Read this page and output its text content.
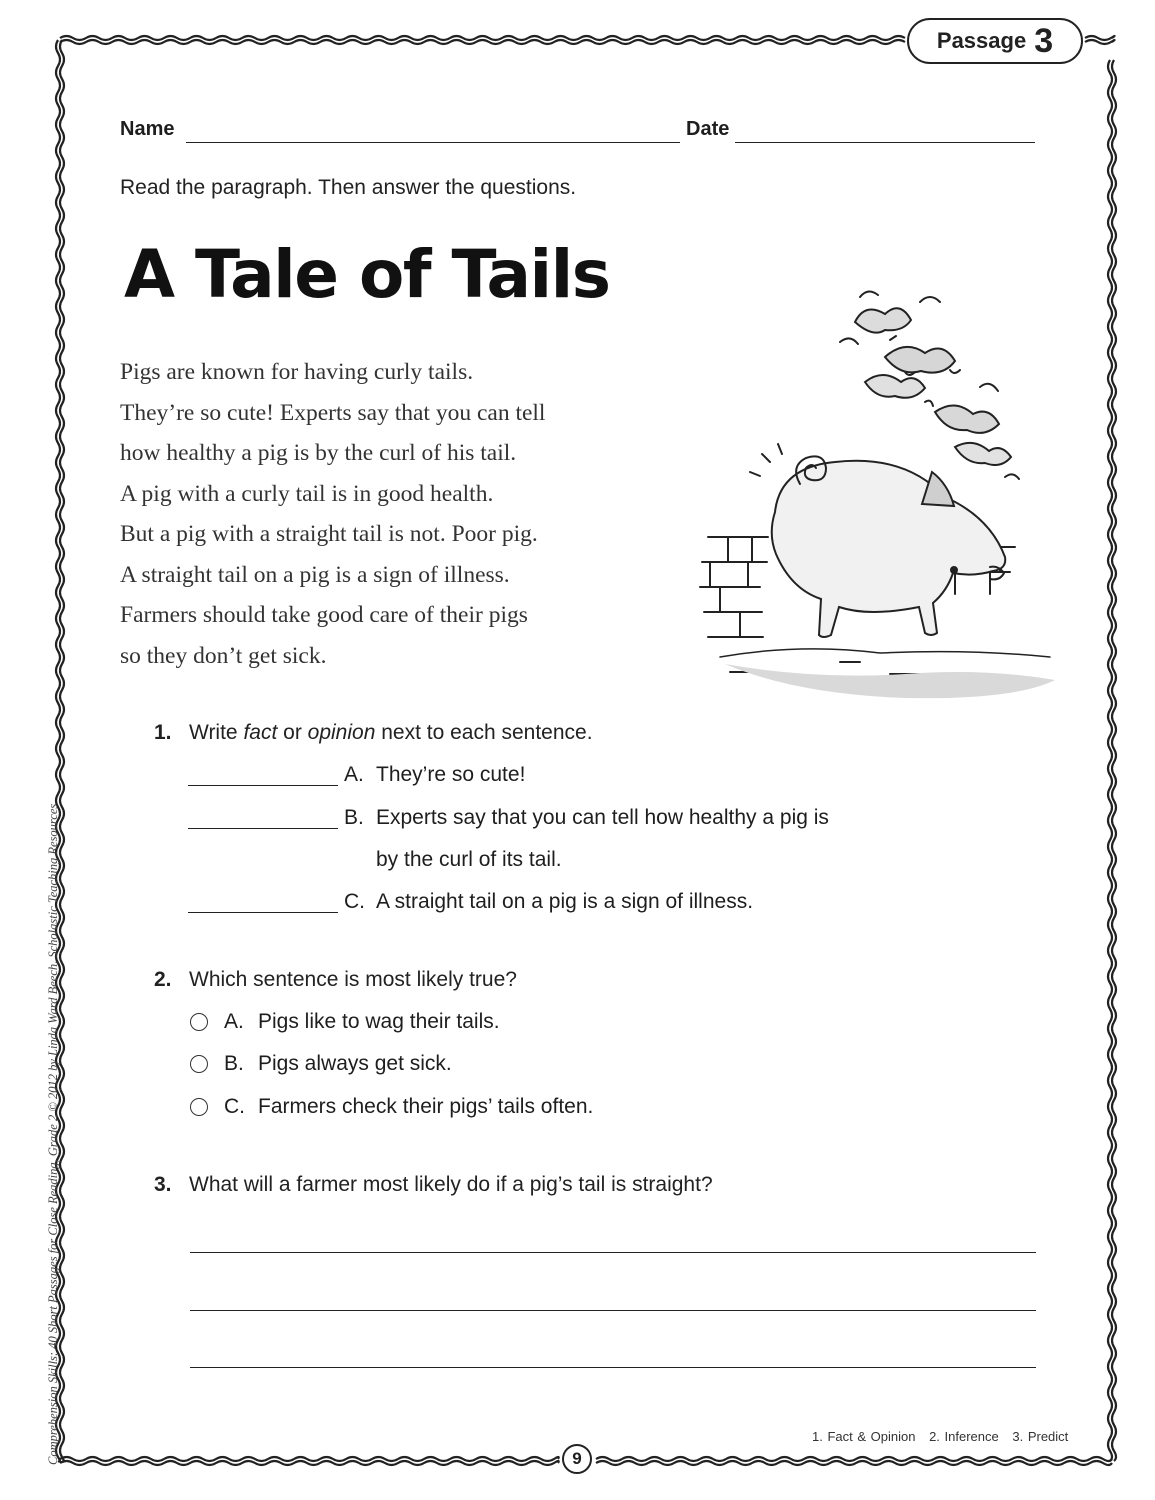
Passage 3
Name	Date
Read the paragraph. Then answer the questions.
A Tale of Tails
Pigs are known for having curly tails.
They’re so cute! Experts say that you can tell
how healthy a pig is by the curl of his tail.
A pig with a curly tail is in good health.
But a pig with a straight tail is not. Poor pig.
A straight tail on a pig is a sign of illness.
Farmers should take good care of their pigs
so they don’t get sick.
1. Write fact or opinion next to each sentence.
A. They’re so cute!
B. Experts say that you can tell how healthy a pig is
by the curl of its tail.
C. A straight tail on a pig is a sign of illness.
2. Which sentence is most likely true?
A. Pigs like to wag their tails.
B. Pigs always get sick.
C. Farmers check their pigs’ tails often.
3. What will a farmer most likely do if a pig’s tail is straight?
1. Fact & Opinion 2. Inference 3. Predict
9
Comprehension Skills: 40 Short Passages for Close Reading, Grade 2 © 2012 by Linda Ward Beech, Scholastic Teaching Resources
